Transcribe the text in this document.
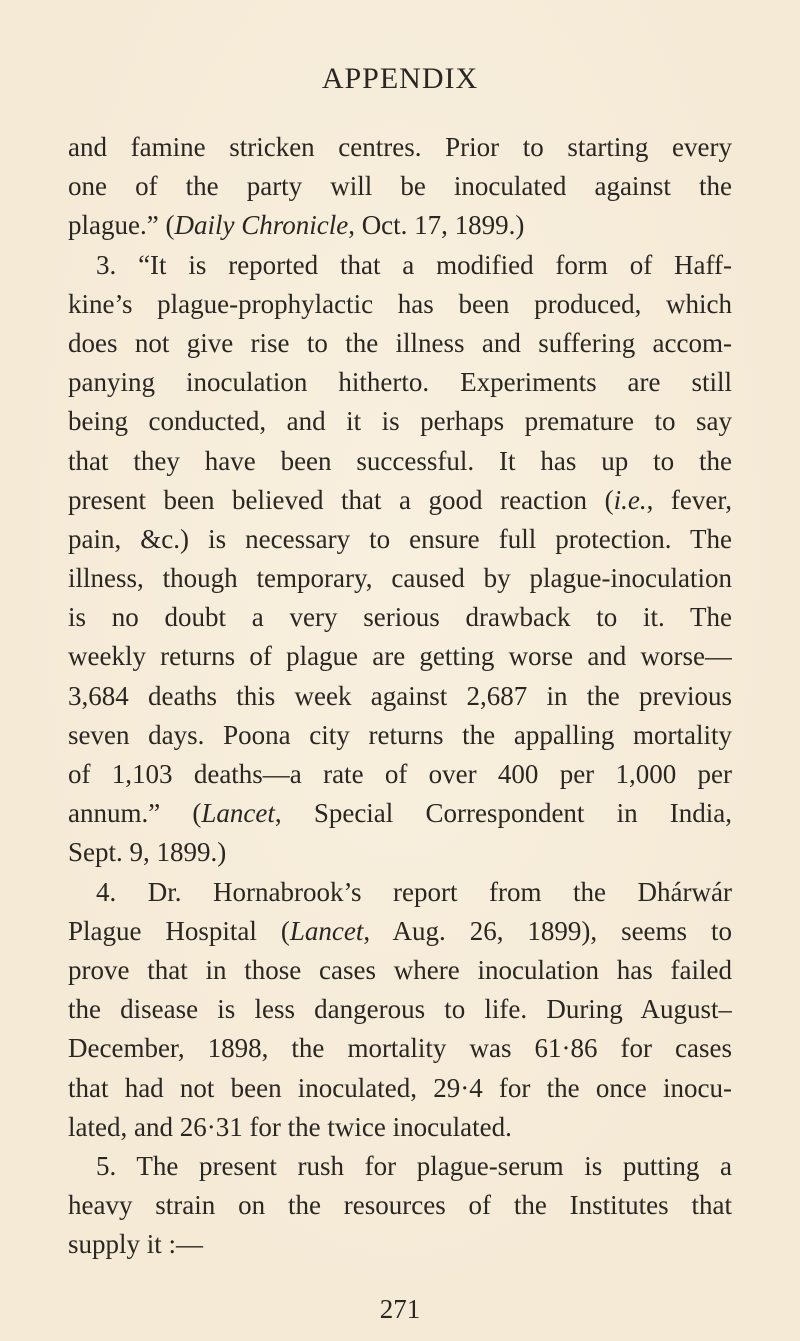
APPENDIX
and famine stricken centres. Prior to starting every
one of the party will be inoculated against the
plague.” (Daily Chronicle, Oct. 17, 1899.)
3. “It is reported that a modified form of Haff-
kine’s plague-prophylactic has been produced, which
does not give rise to the illness and suffering accom-
panying inoculation hitherto. Experiments are still
being conducted, and it is perhaps premature to say
that they have been successful. It has up to the
present been believed that a good reaction (i.e., fever,
pain, &c.) is necessary to ensure full protection. The
illness, though temporary, caused by plague-inoculation
is no doubt a very serious drawback to it. The
weekly returns of plague are getting worse and worse—
3,684 deaths this week against 2,687 in the previous
seven days. Poona city returns the appalling mortality
of 1,103 deaths—a rate of over 400 per 1,000 per
annum.” (Lancet, Special Correspondent in India,
Sept. 9, 1899.)
4. Dr. Hornabrook’s report from the Dhárwár
Plague Hospital (Lancet, Aug. 26, 1899), seems to
prove that in those cases where inoculation has failed
the disease is less dangerous to life. During August–
December, 1898, the mortality was 61·86 for cases
that had not been inoculated, 29·4 for the once inocu-
lated, and 26·31 for the twice inoculated.
5. The present rush for plague-serum is putting a
heavy strain on the resources of the Institutes that
supply it :—
271
